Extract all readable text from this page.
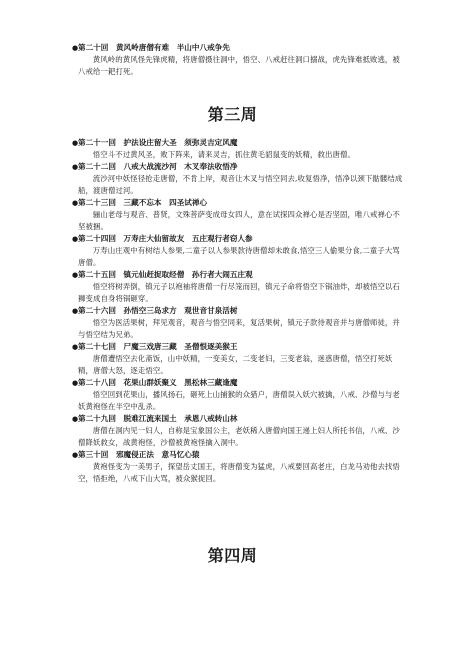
●第二十回　黄风岭唐僧有难　半山中八戒争先

黄风岭的黄风怪先锋虎精，将唐僧摄往洞中，悟空、八戒赶往洞口搦战，虎先锋难抵败逃，被八戒给一耙打死。

第三周
●第二十一回　护法设庄留大圣　须弥灵吉定风魔

悟空斗不过黄风圣，败下阵来，请来灵吉，抓住黄毛貂鼠变的妖精，救出唐僧。

●第二十二回　八戒大战流沙河　木叉奉法收悟净

流沙河中妖怪径抢走唐僧，不肯上岸，观音让木叉与悟空同去,收复悟净，悟净以颈下骷髅结成船，渡唐僧过河。

●第二十三回　三藏不忘本　四圣试禅心

骊山老母与观音、普贤，文殊菩萨变成母女四人，意在试探四众禅心是否坚固，唯八戒禅心不坚被捆。

●第二十四回　万寿庄大仙留故友　五庄观行者窃人参

万寿山庄观中有树结人参果,二童子以人参果款待唐僧却未敢食,悟空三人偷果分食,二童子大骂唐僧。

●第二十五回　镇元仙赶捉取经僧　孙行者大闹五庄观

悟空将树弄倒，镇元子以袍袖将唐僧一行尽笼而回，镇元子命将悟空下锅油炸，却被悟空以石狮变成自身将锅砸穿。

●第二十六回　孙悟空三岛求方　观世音甘泉活树

悟空为医活果树，拜见观音，观音与悟空同来，复活果树，镇元子款待观音并与唐僧师徒，并与悟空结为兄弟。

●第二十七回　尸魔三戏唐三藏　圣僧恨逐美猴王

唐僧遭悟空去化斋饭，山中妖精，一变美女，二变老妇，三变老翁，迷惑唐僧，悟空打死妖精，唐僧大怒，逐走悟空。

●第二十八回　花果山群妖聚义　黑松林三藏逢魔

悟空回到花果山，播风扬石，砸死上山捕猴的众猎户，唐僧误入妖穴被擒，八戒、沙僧与与老妖黄袍怪在半空中乱杀。

●第二十九回　脱难江流来国土　承恩八戒转山林

唐僧在洞内见一妇人，自称是宝象国公主，老妖稀入唐僧向国王递上妇人所托书信，八戒、沙僧降妖救女，战黄袍怪，沙僧被黄袍怪擒入洞中。

●第三十回　邪魔侵正法　意马忆心猿

黄袍怪变为一美男子，探望岳丈国王，将唐僧变为猛虎，八戒要回高老庄，白龙马劝他去找悟空，悟拒绝，八戒下山大骂，被众猴捉回。

第四周
